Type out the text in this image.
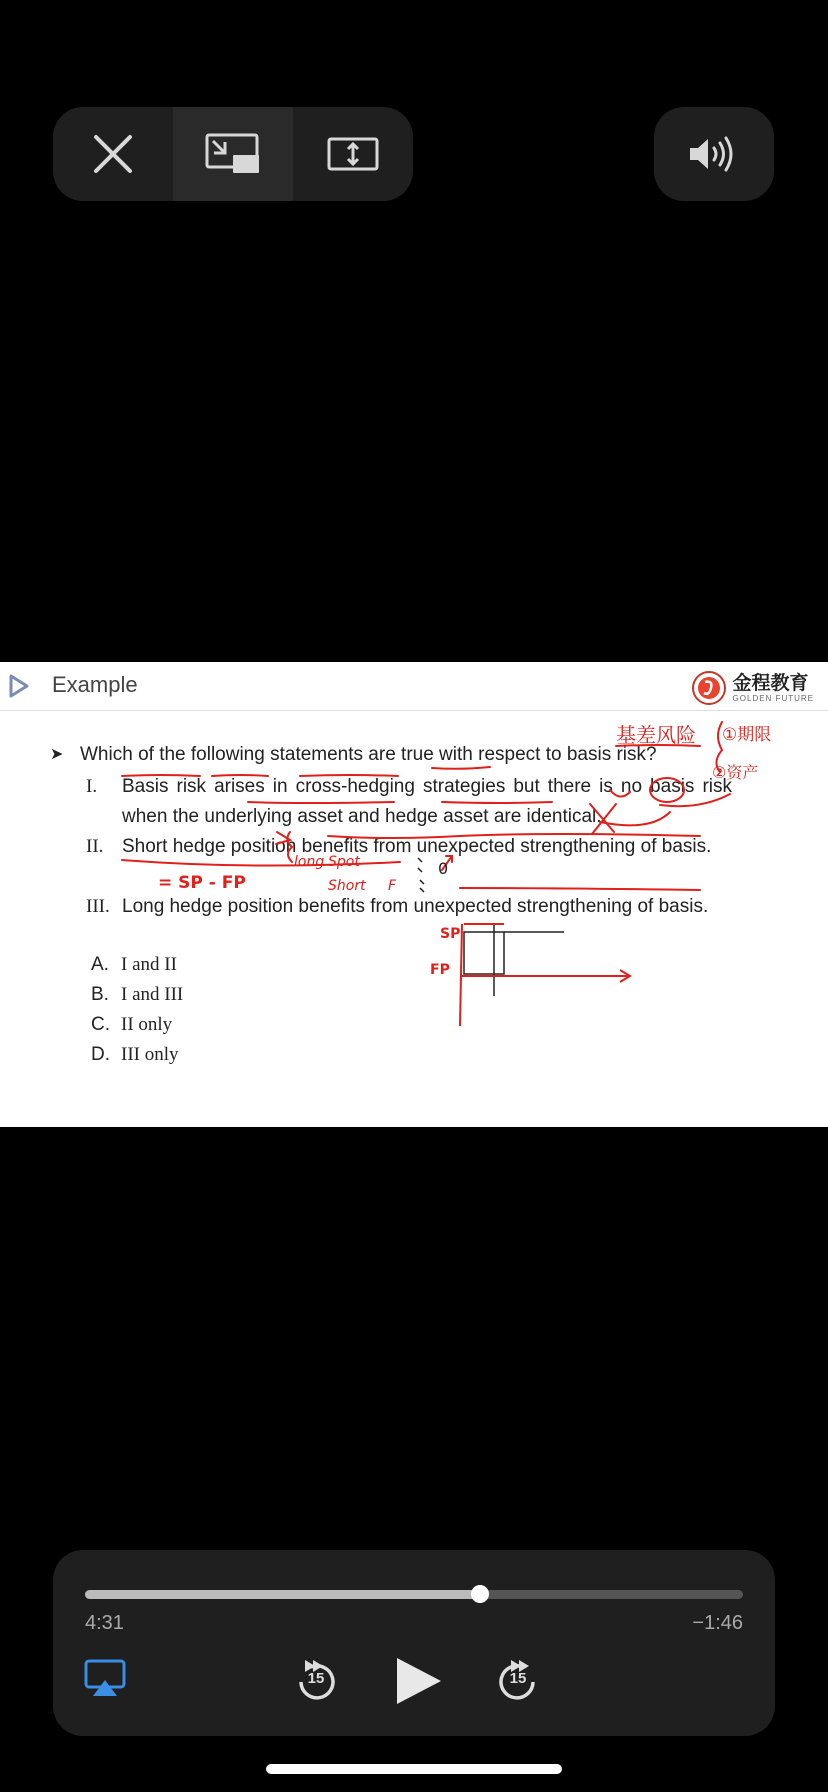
Example	金程教育
GOLDEN FUTURE
➤ Which of the following statements are true with respect to basis risk?
I. Basis risk arises in cross-hedging strategies but there is no basis risk when the underlying asset and hedge asset are identical.
II. Short hedge position benefits from unexpected strengthening of basis.
III. Long hedge position benefits from unexpected strengthening of basis.
A. I and II
B. I and III
C. II only
D. III only
基差风险 ①期限
②资产
= SP - FP
long Spot
Short F
0
SP
FP
4:31	−1:46
15	15
